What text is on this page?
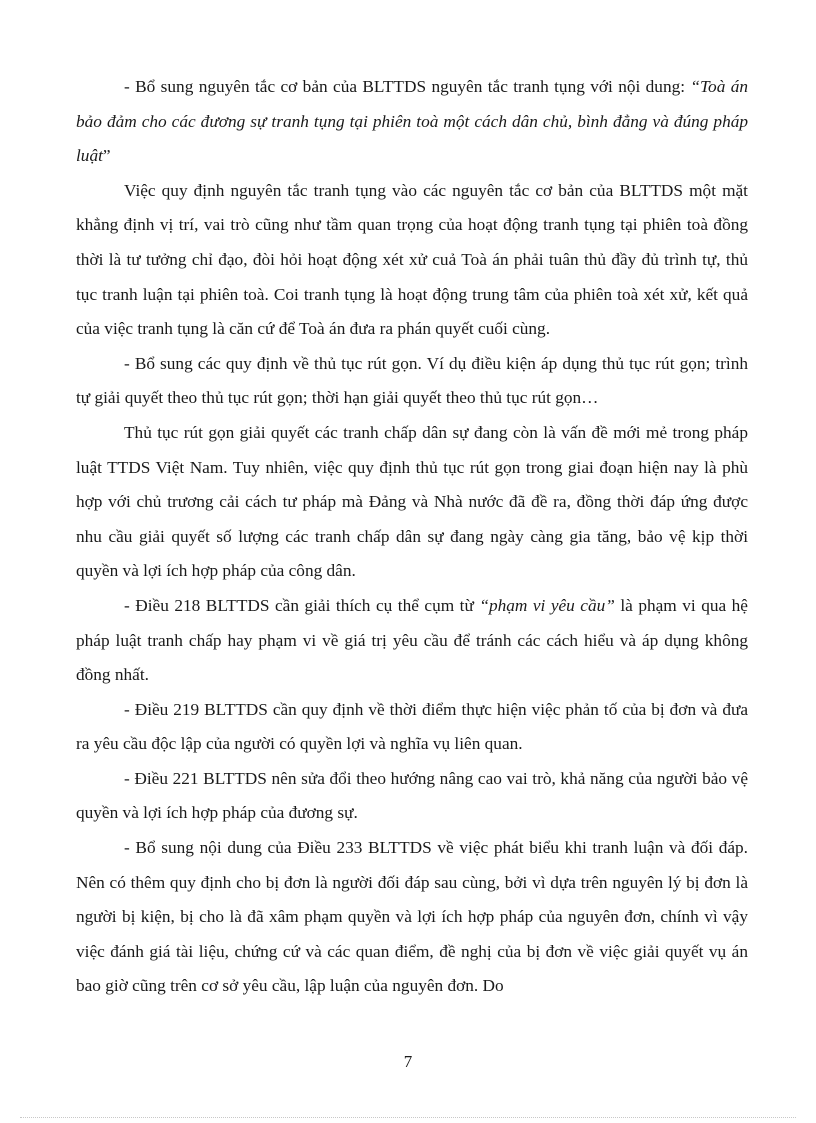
- Bổ sung nguyên tắc cơ bản của BLTTDS nguyên tắc tranh tụng với nội dung: “Toà án bảo đảm cho các đương sự tranh tụng tại phiên toà một cách dân chủ, bình đẳng và đúng pháp luật”

Việc quy định nguyên tắc tranh tụng vào các nguyên tắc cơ bản của BLTTDS một mặt khẳng định vị trí, vai trò cũng như tầm quan trọng của hoạt động tranh tụng tại phiên toà đồng thời là tư tưởng chỉ đạo, đòi hỏi hoạt động xét xử cuả Toà án phải tuân thủ đầy đủ trình tự, thủ tục tranh luận tại phiên toà. Coi tranh tụng là hoạt động trung tâm của phiên toà xét xử, kết quả của việc tranh tụng là căn cứ để Toà án đưa ra phán quyết cuối cùng.

- Bổ sung các quy định về thủ tục rút gọn. Ví dụ điều kiện áp dụng thủ tục rút gọn; trình tự giải quyết theo thủ tục rút gọn; thời hạn giải quyết theo thủ tục rút gọn…

Thủ tục rút gọn giải quyết các tranh chấp dân sự đang còn là vấn đề mới mẻ trong pháp luật TTDS Việt Nam. Tuy nhiên, việc quy định thủ tục rút gọn trong giai đoạn hiện nay là phù hợp với chủ trương cải cách tư pháp mà Đảng và Nhà nước đã đề ra, đồng thời đáp ứng được nhu cầu giải quyết số lượng các tranh chấp dân sự đang ngày càng gia tăng, bảo vệ kịp thời quyền và lợi ích hợp pháp của công dân.

- Điều 218 BLTTDS cần giải thích cụ thể cụm từ “phạm vi yêu cầu” là phạm vi qua hệ pháp luật tranh chấp hay phạm vi về giá trị yêu cầu để tránh các cách hiểu và áp dụng không đồng nhất.

- Điều 219 BLTTDS cần quy định về thời điểm thực hiện việc phản tố của bị đơn và đưa ra yêu cầu độc lập của người có quyền lợi và nghĩa vụ liên quan.

- Điều 221 BLTTDS nên sửa đổi theo hướng nâng cao vai trò, khả năng của người bảo vệ quyền và lợi ích hợp pháp của đương sự.

- Bổ sung nội dung của Điều 233 BLTTDS về việc phát biểu khi tranh luận và đối đáp. Nên có thêm quy định cho bị đơn là người đối đáp sau cùng, bởi vì dựa trên nguyên lý bị đơn là người bị kiện, bị cho là đã xâm phạm quyền và lợi ích hợp pháp của nguyên đơn, chính vì vậy việc đánh giá tài liệu, chứng cứ và các quan điểm, đề nghị của bị đơn về việc giải quyết vụ án bao giờ cũng trên cơ sở yêu cầu, lập luận của nguyên đơn. Do

7
